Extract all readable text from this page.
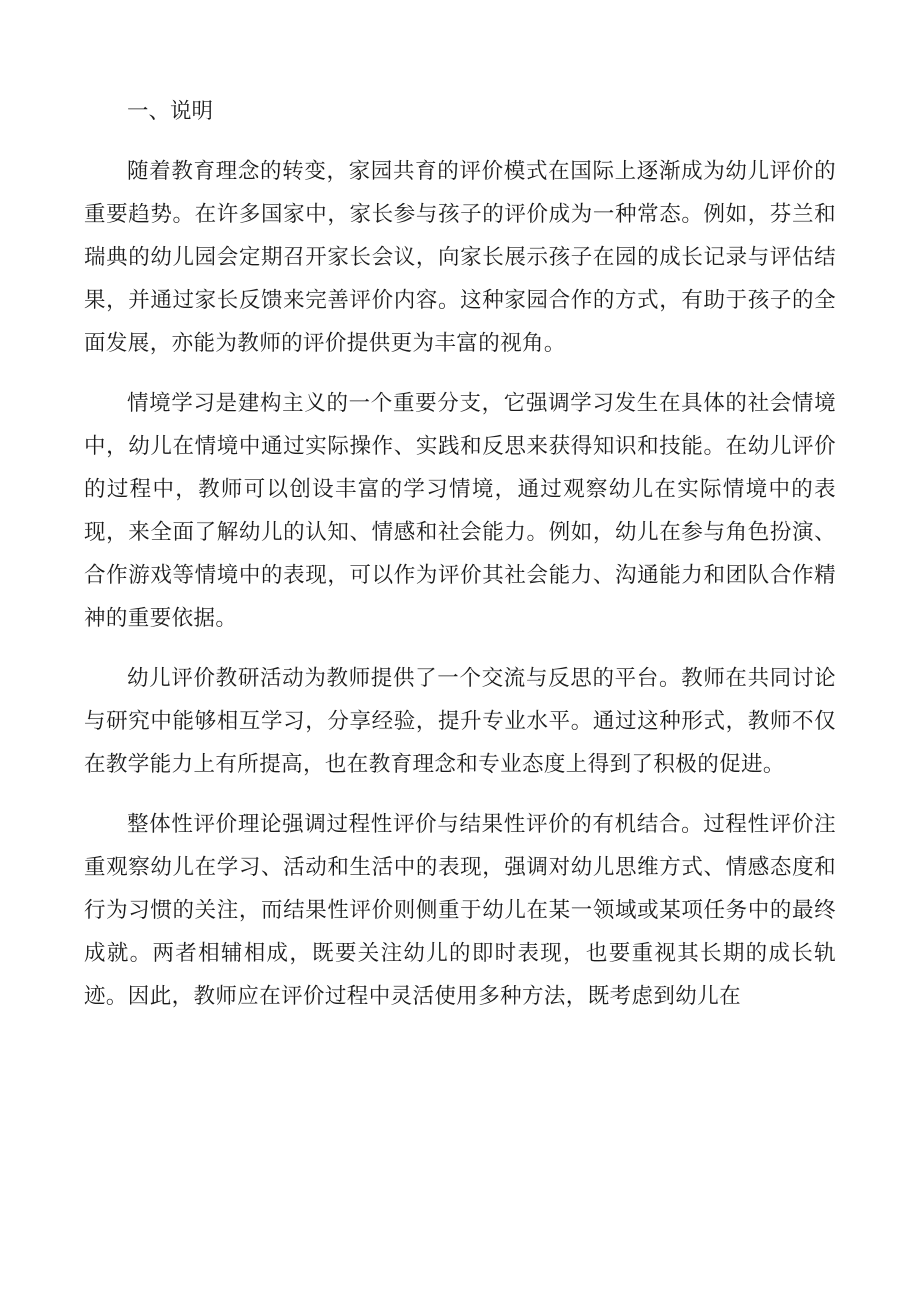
一、说明

随着教育理念的转变，家园共育的评价模式在国际上逐渐成为幼儿评价的重要趋势。在许多国家中，家长参与孩子的评价成为一种常态。例如，芬兰和瑞典的幼儿园会定期召开家长会议，向家长展示孩子在园的成长记录与评估结果，并通过家长反馈来完善评价内容。这种家园合作的方式，有助于孩子的全面发展，亦能为教师的评价提供更为丰富的视角。

情境学习是建构主义的一个重要分支，它强调学习发生在具体的社会情境中，幼儿在情境中通过实际操作、实践和反思来获得知识和技能。在幼儿评价的过程中，教师可以创设丰富的学习情境，通过观察幼儿在实际情境中的表现，来全面了解幼儿的认知、情感和社会能力。例如，幼儿在参与角色扮演、合作游戏等情境中的表现，可以作为评价其社会能力、沟通能力和团队合作精神的重要依据。

幼儿评价教研活动为教师提供了一个交流与反思的平台。教师在共同讨论与研究中能够相互学习，分享经验，提升专业水平。通过这种形式，教师不仅在教学能力上有所提高，也在教育理念和专业态度上得到了积极的促进。

整体性评价理论强调过程性评价与结果性评价的有机结合。过程性评价注重观察幼儿在学习、活动和生活中的表现，强调对幼儿思维方式、情感态度和行为习惯的关注，而结果性评价则侧重于幼儿在某一领域或某项任务中的最终成就。两者相辅相成，既要关注幼儿的即时表现，也要重视其长期的成长轨迹。因此，教师应在评价过程中灵活使用多种方法，既考虑到幼儿在
